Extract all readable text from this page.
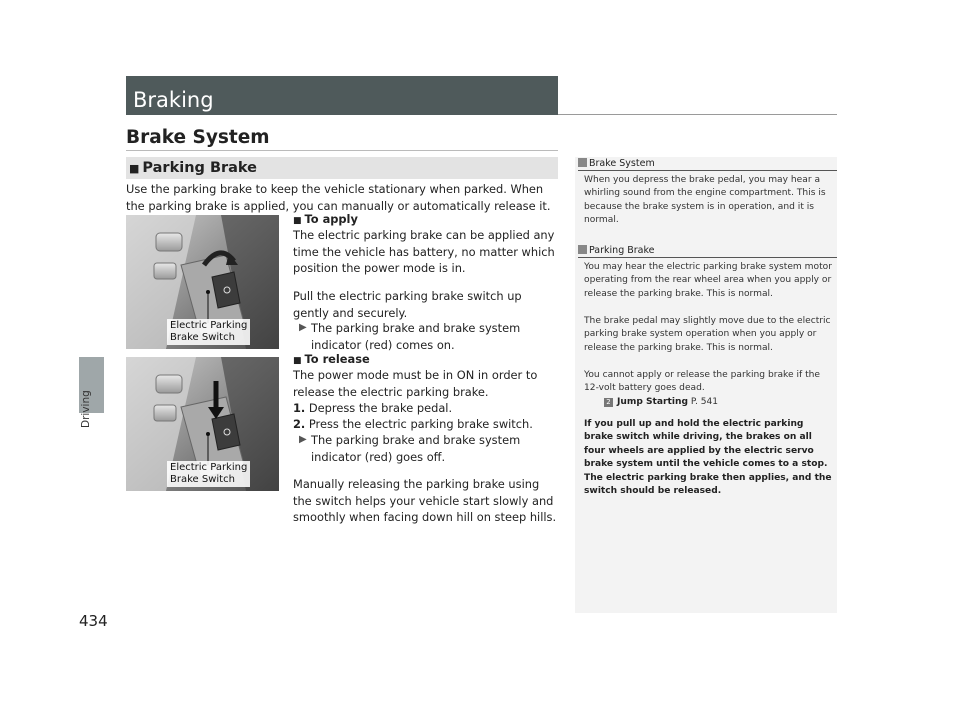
Driving
434
Braking
Brake System
■ Parking Brake

Use the parking brake to keep the vehicle stationary when parked. When the parking brake is applied, you can manually or automatically release it.

Electric Parking
Brake Switch
Electric Parking
Brake Switch
■ To apply

The electric parking brake can be applied any time the vehicle has battery, no matter which position the power mode is in.

Pull the electric parking brake switch up gently and securely.

▶ The parking brake and brake system indicator (red) comes on.
■ To release

The power mode must be in ON in order to release the electric parking brake.

1. Depress the brake pedal.
2. Press the electric parking brake switch.
▶ The parking brake and brake system indicator (red) goes off.

Manually releasing the parking brake using the switch helps your vehicle start slowly and smoothly when facing down hill on steep hills.

Brake System

When you depress the brake pedal, you may hear a whirling sound from the engine compartment. This is because the brake system is in operation, and it is normal.

Parking Brake

You may hear the electric parking brake system motor operating from the rear wheel area when you apply or release the parking brake. This is normal.

The brake pedal may slightly move due to the electric parking brake system operation when you apply or release the parking brake. This is normal.

You cannot apply or release the parking brake if the 12-volt battery goes dead.

2 Jump Starting P. 541

If you pull up and hold the electric parking brake switch while driving, the brakes on all four wheels are applied by the electric servo brake system until the vehicle comes to a stop. The electric parking brake then applies, and the switch should be released.
